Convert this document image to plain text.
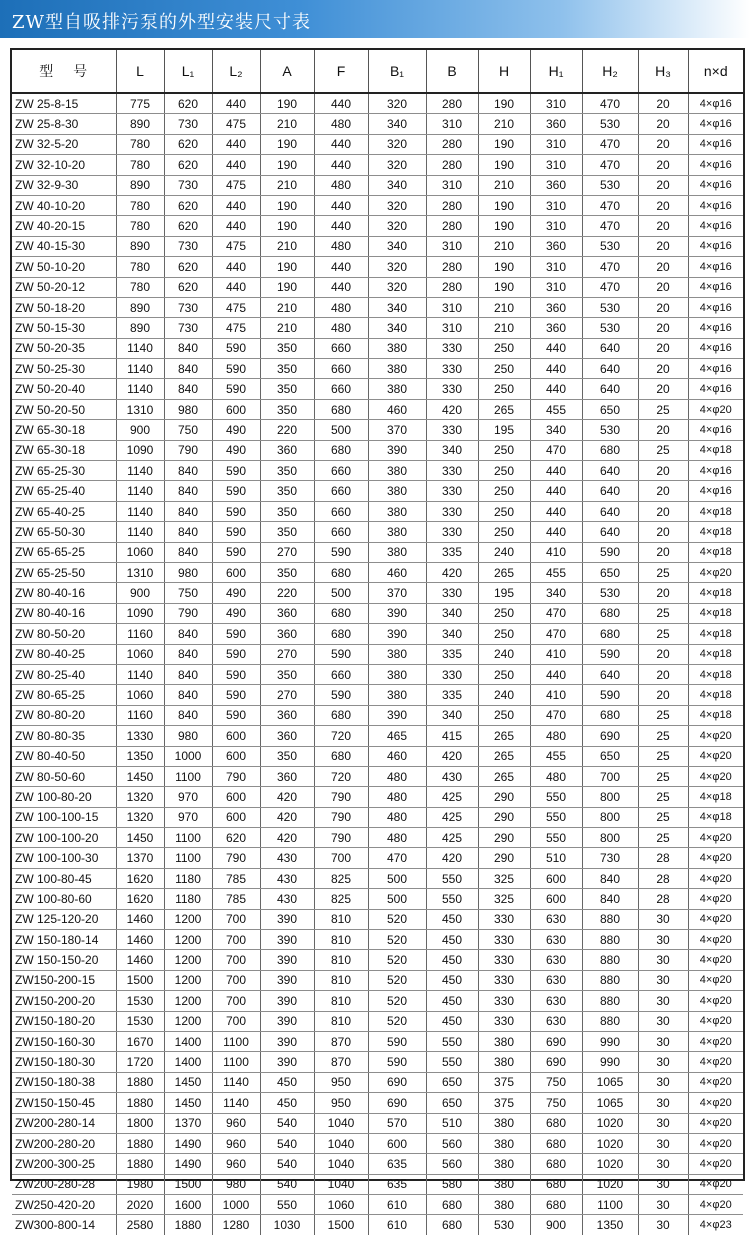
ZW型自吸排污泵的外型安装尺寸表
型 号	L	L₁	L₂	A	F	B₁	B	H	H₁	H₂	H₃	n×d
ZW 25-8-15	775	620	440	190	440	320	280	190	310	470	20	4×φ16
ZW 25-8-30	890	730	475	210	480	340	310	210	360	530	20	4×φ16
ZW 32-5-20	780	620	440	190	440	320	280	190	310	470	20	4×φ16
ZW 32-10-20	780	620	440	190	440	320	280	190	310	470	20	4×φ16
ZW 32-9-30	890	730	475	210	480	340	310	210	360	530	20	4×φ16
ZW 40-10-20	780	620	440	190	440	320	280	190	310	470	20	4×φ16
ZW 40-20-15	780	620	440	190	440	320	280	190	310	470	20	4×φ16
ZW 40-15-30	890	730	475	210	480	340	310	210	360	530	20	4×φ16
ZW 50-10-20	780	620	440	190	440	320	280	190	310	470	20	4×φ16
ZW 50-20-12	780	620	440	190	440	320	280	190	310	470	20	4×φ16
ZW 50-18-20	890	730	475	210	480	340	310	210	360	530	20	4×φ16
ZW 50-15-30	890	730	475	210	480	340	310	210	360	530	20	4×φ16
ZW 50-20-35	1140	840	590	350	660	380	330	250	440	640	20	4×φ16
ZW 50-25-30	1140	840	590	350	660	380	330	250	440	640	20	4×φ16
ZW 50-20-40	1140	840	590	350	660	380	330	250	440	640	20	4×φ16
ZW 50-20-50	1310	980	600	350	680	460	420	265	455	650	25	4×φ20
ZW 65-30-18	900	750	490	220	500	370	330	195	340	530	20	4×φ16
ZW 65-30-18	1090	790	490	360	680	390	340	250	470	680	25	4×φ18
ZW 65-25-30	1140	840	590	350	660	380	330	250	440	640	20	4×φ16
ZW 65-25-40	1140	840	590	350	660	380	330	250	440	640	20	4×φ16
ZW 65-40-25	1140	840	590	350	660	380	330	250	440	640	20	4×φ18
ZW 65-50-30	1140	840	590	350	660	380	330	250	440	640	20	4×φ18
ZW 65-65-25	1060	840	590	270	590	380	335	240	410	590	20	4×φ18
ZW 65-25-50	1310	980	600	350	680	460	420	265	455	650	25	4×φ20
ZW 80-40-16	900	750	490	220	500	370	330	195	340	530	20	4×φ18
ZW 80-40-16	1090	790	490	360	680	390	340	250	470	680	25	4×φ18
ZW 80-50-20	1160	840	590	360	680	390	340	250	470	680	25	4×φ18
ZW 80-40-25	1060	840	590	270	590	380	335	240	410	590	20	4×φ18
ZW 80-25-40	1140	840	590	350	660	380	330	250	440	640	20	4×φ18
ZW 80-65-25	1060	840	590	270	590	380	335	240	410	590	20	4×φ18
ZW 80-80-20	1160	840	590	360	680	390	340	250	470	680	25	4×φ18
ZW 80-80-35	1330	980	600	360	720	465	415	265	480	690	25	4×φ20
ZW 80-40-50	1350	1000	600	350	680	460	420	265	455	650	25	4×φ20
ZW 80-50-60	1450	1100	790	360	720	480	430	265	480	700	25	4×φ20
ZW 100-80-20	1320	970	600	420	790	480	425	290	550	800	25	4×φ18
ZW 100-100-15	1320	970	600	420	790	480	425	290	550	800	25	4×φ18
ZW 100-100-20	1450	1100	620	420	790	480	425	290	550	800	25	4×φ20
ZW 100-100-30	1370	1100	790	430	700	470	420	290	510	730	28	4×φ20
ZW 100-80-45	1620	1180	785	430	825	500	550	325	600	840	28	4×φ20
ZW 100-80-60	1620	1180	785	430	825	500	550	325	600	840	28	4×φ20
ZW 125-120-20	1460	1200	700	390	810	520	450	330	630	880	30	4×φ20
ZW 150-180-14	1460	1200	700	390	810	520	450	330	630	880	30	4×φ20
ZW 150-150-20	1460	1200	700	390	810	520	450	330	630	880	30	4×φ20
ZW150-200-15	1500	1200	700	390	810	520	450	330	630	880	30	4×φ20
ZW150-200-20	1530	1200	700	390	810	520	450	330	630	880	30	4×φ20
ZW150-180-20	1530	1200	700	390	810	520	450	330	630	880	30	4×φ20
ZW150-160-30	1670	1400	1100	390	870	590	550	380	690	990	30	4×φ20
ZW150-180-30	1720	1400	1100	390	870	590	550	380	690	990	30	4×φ20
ZW150-180-38	1880	1450	1140	450	950	690	650	375	750	1065	30	4×φ20
ZW150-150-45	1880	1450	1140	450	950	690	650	375	750	1065	30	4×φ20
ZW200-280-14	1800	1370	960	540	1040	570	510	380	680	1020	30	4×φ20
ZW200-280-20	1880	1490	960	540	1040	600	560	380	680	1020	30	4×φ20
ZW200-300-25	1880	1490	960	540	1040	635	560	380	680	1020	30	4×φ20
ZW200-280-28	1980	1500	980	540	1040	635	580	380	680	1020	30	4×φ20
ZW250-420-20	2020	1600	1000	550	1060	610	680	380	680	1100	30	4×φ20
ZW300-800-14	2580	1880	1280	1030	1500	610	680	530	900	1350	30	4×φ23
